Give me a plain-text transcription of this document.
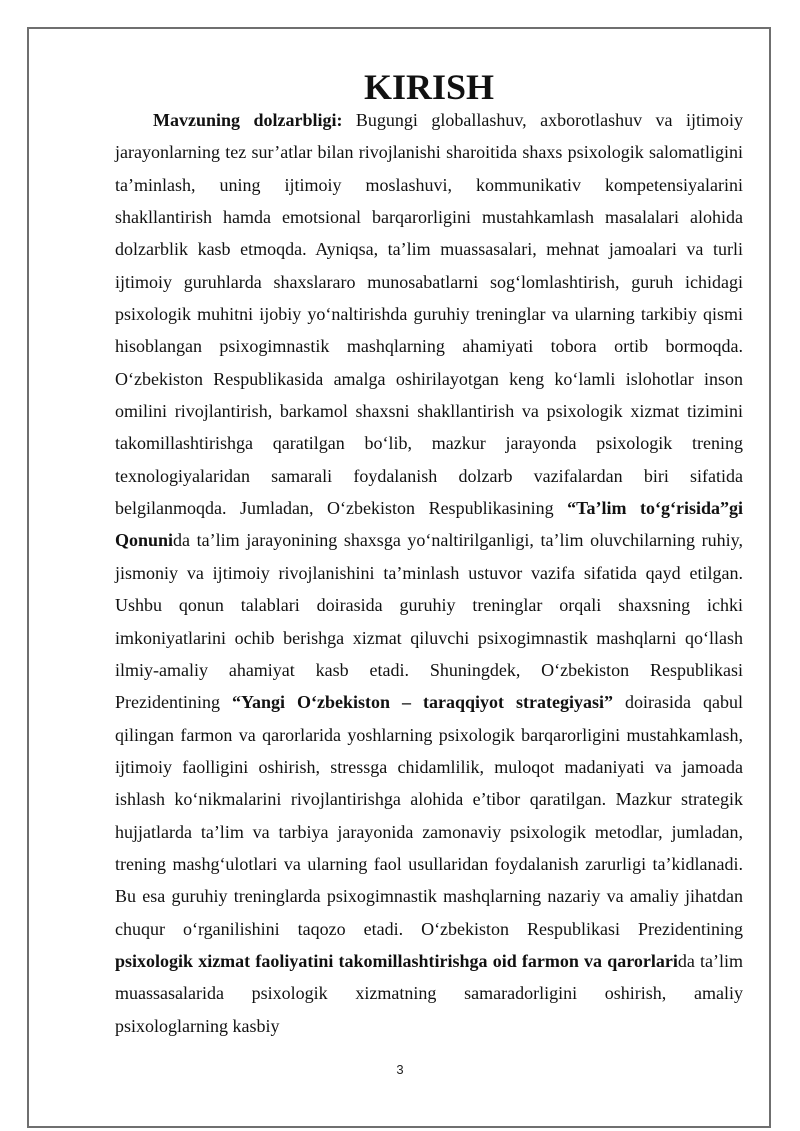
KIRISH

Mavzuning dolzarbligi: Bugungi globallashuv, axborotlashuv va ijtimoiy jarayonlarning tez sur’atlar bilan rivojlanishi sharoitida shaxs psixologik salomatligini ta’minlash, uning ijtimoiy moslashuvi, kommunikativ kompetensiyalarini shakllantirish hamda emotsional barqarorligini mustahkamlash masalalari alohida dolzarblik kasb etmoqda. Ayniqsa, ta’lim muassasalari, mehnat jamoalari va turli ijtimoiy guruhlarda shaxslararo munosabatlarni sog‘lomlashtirish, guruh ichidagi psixologik muhitni ijobiy yo‘naltirishda guruhiy treninglar va ularning tarkibiy qismi hisoblangan psixogimnastik mashqlarning ahamiyati tobora ortib bormoqda. O‘zbekiston Respublikasida amalga oshirilayotgan keng ko‘lamli islohotlar inson omilini rivojlantirish, barkamol shaxsni shakllantirish va psixologik xizmat tizimini takomillashtirishga qaratilgan bo‘lib, mazkur jarayonda psixologik trening texnologiyalaridan samarali foydalanish dolzarb vazifalardan biri sifatida belgilanmoqda. Jumladan, O‘zbekiston Respublikasining “Ta’lim to‘g‘risida”gi Qonunida ta’lim jarayonining shaxsga yo‘naltirilganligi, ta’lim oluvchilarning ruhiy, jismoniy va ijtimoiy rivojlanishini ta’minlash ustuvor vazifa sifatida qayd etilgan. Ushbu qonun talablari doirasida guruhiy treninglar orqali shaxsning ichki imkoniyatlarini ochib berishga xizmat qiluvchi psixogimnastik mashqlarni qo‘llash ilmiy-amaliy ahamiyat kasb etadi. Shuningdek, O‘zbekiston Respublikasi Prezidentining “Yangi O‘zbekiston – taraqqiyot strategiyasi” doirasida qabul qilingan farmon va qarorlarida yoshlarning psixologik barqarorligini mustahkamlash, ijtimoiy faolligini oshirish, stressga chidamlilik, muloqot madaniyati va jamoada ishlash ko‘nikmalarini rivojlantirishga alohida e’tibor qaratilgan. Mazkur strategik hujjatlarda ta’lim va tarbiya jarayonida zamonaviy psixologik metodlar, jumladan, trening mashg‘ulotlari va ularning faol usullaridan foydalanish zarurligi ta’kidlanadi. Bu esa guruhiy treninglarda psixogimnastik mashqlarning nazariy va amaliy jihatdan chuqur o‘rganilishini taqozo etadi. O‘zbekiston Respublikasi Prezidentining psixologik xizmat faoliyatini takomillashtirishga oid farmon va qarorlarida ta’lim muassasalarida psixologik xizmatning samaradorligini oshirish, amaliy psixologlarning kasbiy

3
